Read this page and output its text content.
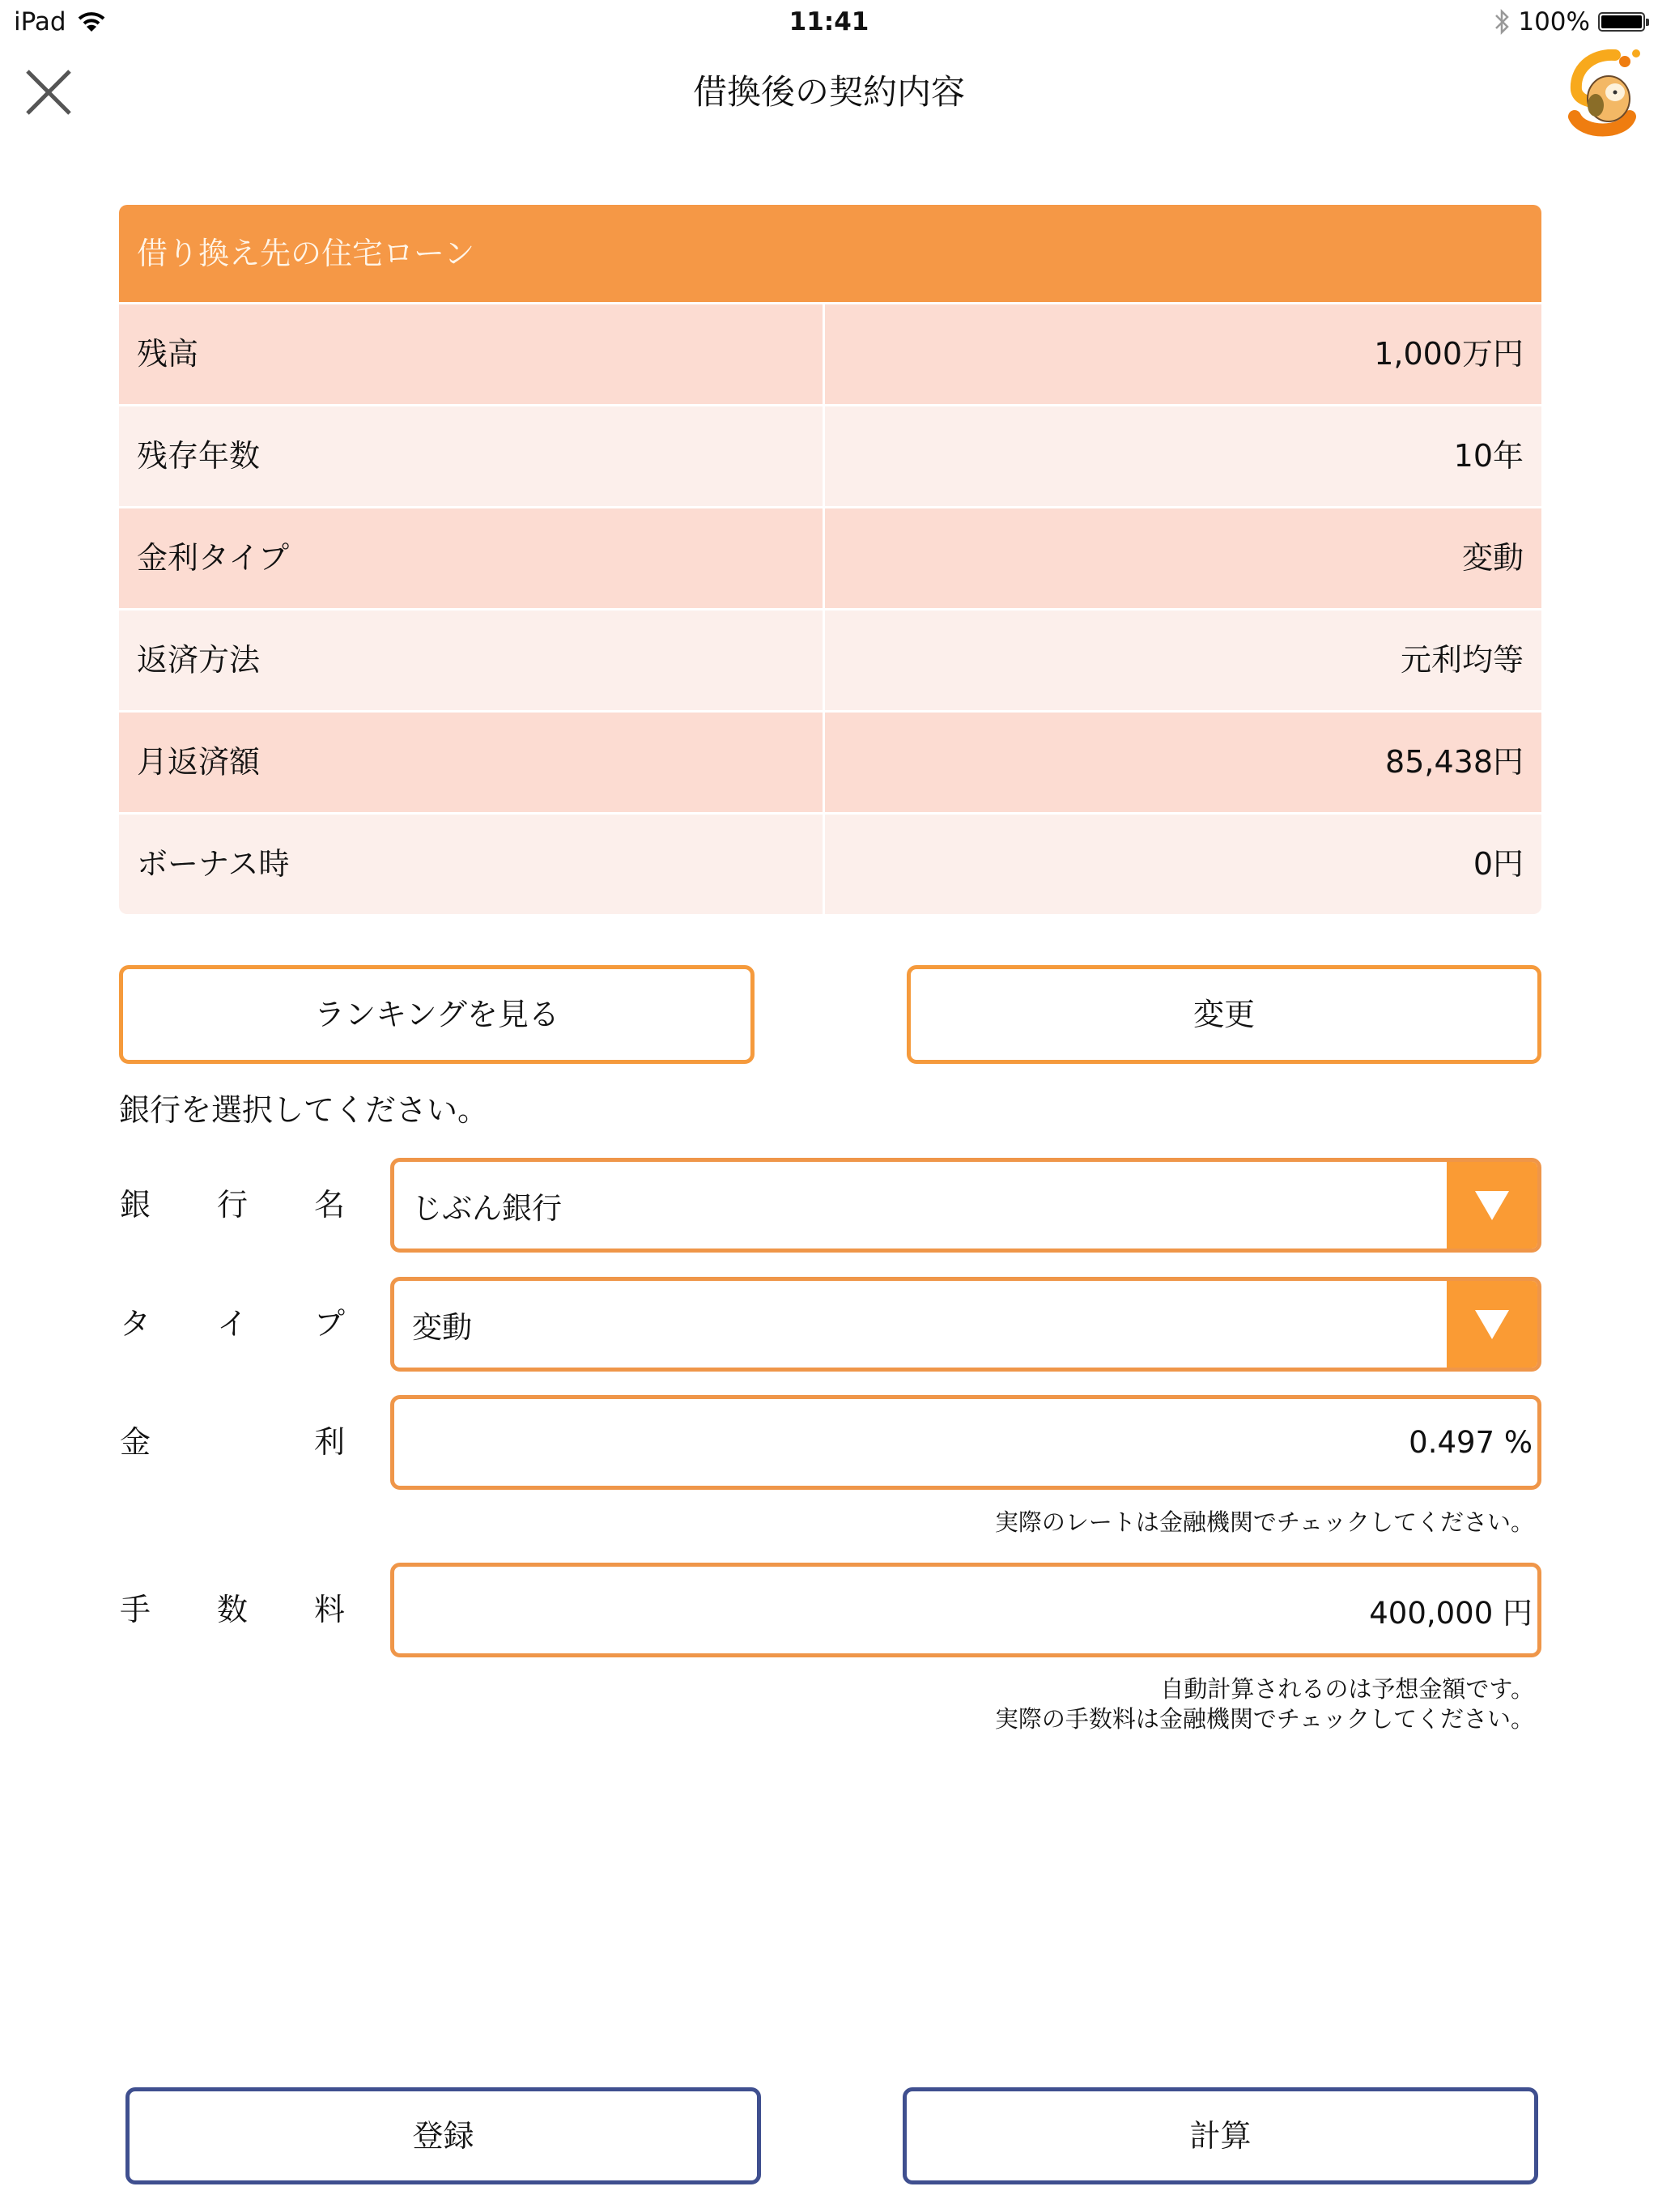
iPad	11:41	100%
借換後の契約内容
借り換え先の住宅ローン
残高	1,000万円
残存年数	10年
金利タイプ	変動
返済方法	元利均等
月返済額	85,438円
ボーナス時	0円
ランキングを見る	変更
銀行を選択してください。
銀 行 名	じぶん銀行
タ イ プ	変動
金	利	0.497 %
実際のレートは金融機関でチェックしてください。
手 数 料	400,000 円
自動計算されるのは予想金額です。
実際の手数料は金融機関でチェックしてください。
登録	計算
